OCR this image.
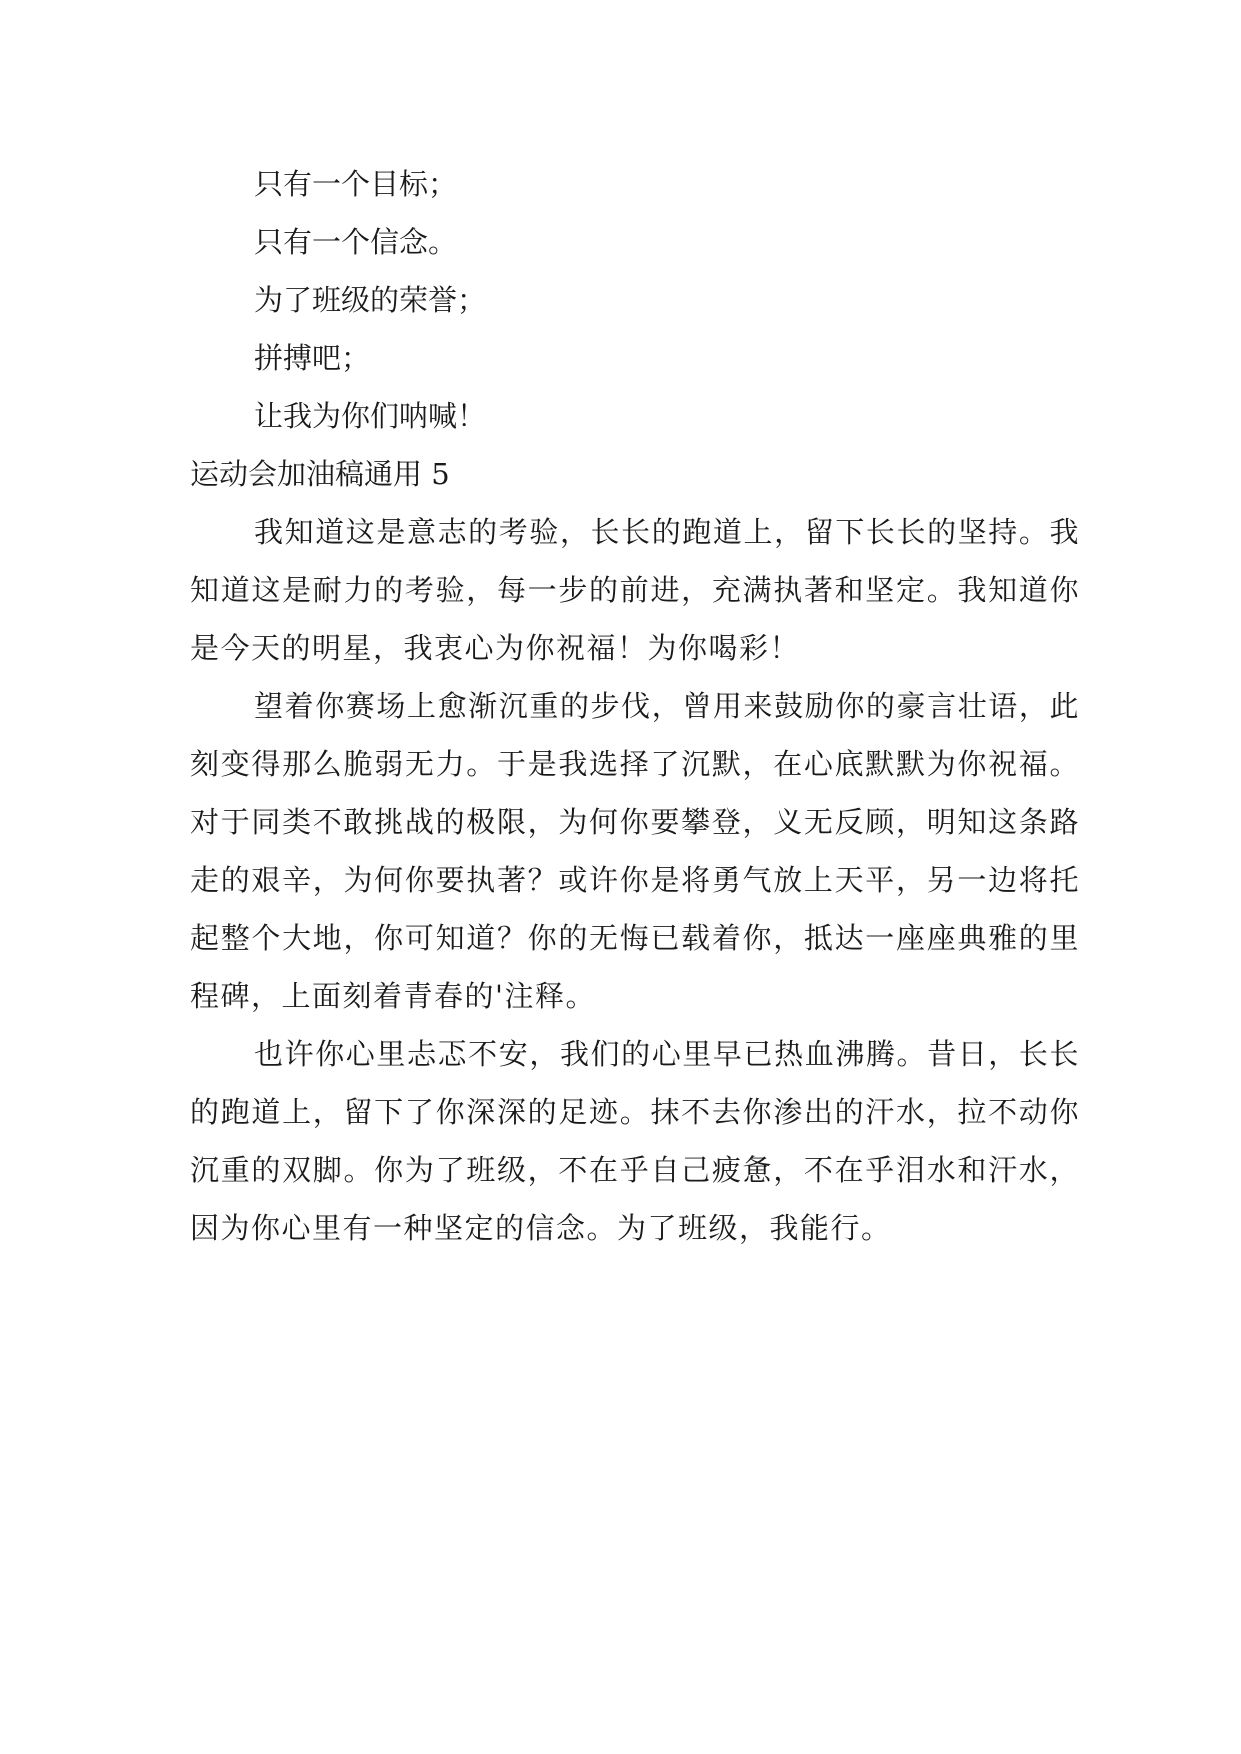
只有一个目标；
只有一个信念。
为了班级的荣誉；
拼搏吧；
让我为你们呐喊！
运动会加油稿通用 5

我知道这是意志的考验，长长的跑道上，留下长长的坚持。我知道这是耐力的考验，每一步的前进，充满执著和坚定。我知道你是今天的明星，我衷心为你祝福！为你喝彩！

望着你赛场上愈渐沉重的步伐，曾用来鼓励你的豪言壮语，此刻变得那么脆弱无力。于是我选择了沉默，在心底默默为你祝福。对于同类不敢挑战的极限，为何你要攀登，义无反顾，明知这条路走的艰辛，为何你要执著？或许你是将勇气放上天平，另一边将托起整个大地，你可知道？你的无悔已载着你，抵达一座座典雅的里程碑，上面刻着青春的'注释。

也许你心里忐忑不安，我们的心里早已热血沸腾。昔日，长长的跑道上，留下了你深深的足迹。抹不去你渗出的汗水，拉不动你沉重的双脚。你为了班级，不在乎自己疲惫，不在乎泪水和汗水，因为你心里有一种坚定的信念。为了班级，我能行。
